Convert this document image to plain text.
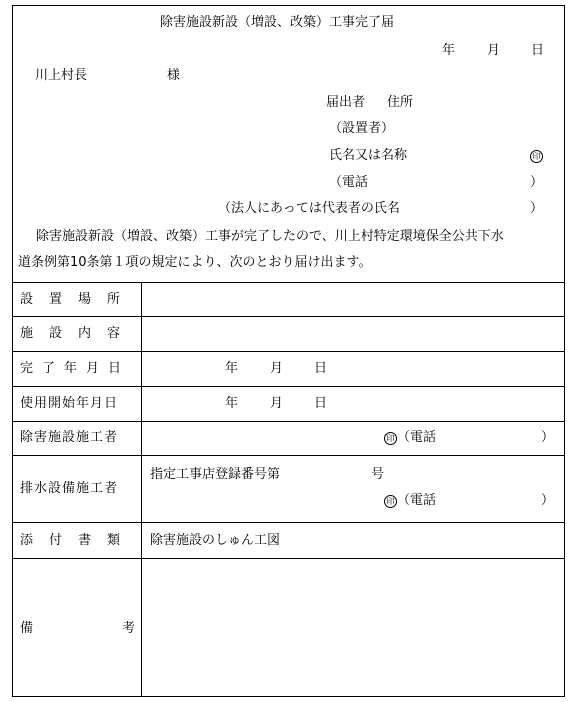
除害施設新設（増設、改築）工事完了届
年 月 日
川上村長	様
届出者 住所
（設置者）
氏名又は名称	印
（電話	）
（法人にあっては代表者の氏名	）
除害施設新設（増設、改築）工事が完了したので、川上村特定環境保全公共下水
道条例第10条第１項の規定により、次のとおり届け出ます。
設置場所
施設内容
完了年月日	年 月 日
使用開始年月日	年 月 日
除害施設施工者	印 （電話	）
排水設備施工者
指定工事店登録番号第	号
印 （電話	）
添付書類 除害施設のしゅん工図
備	考
